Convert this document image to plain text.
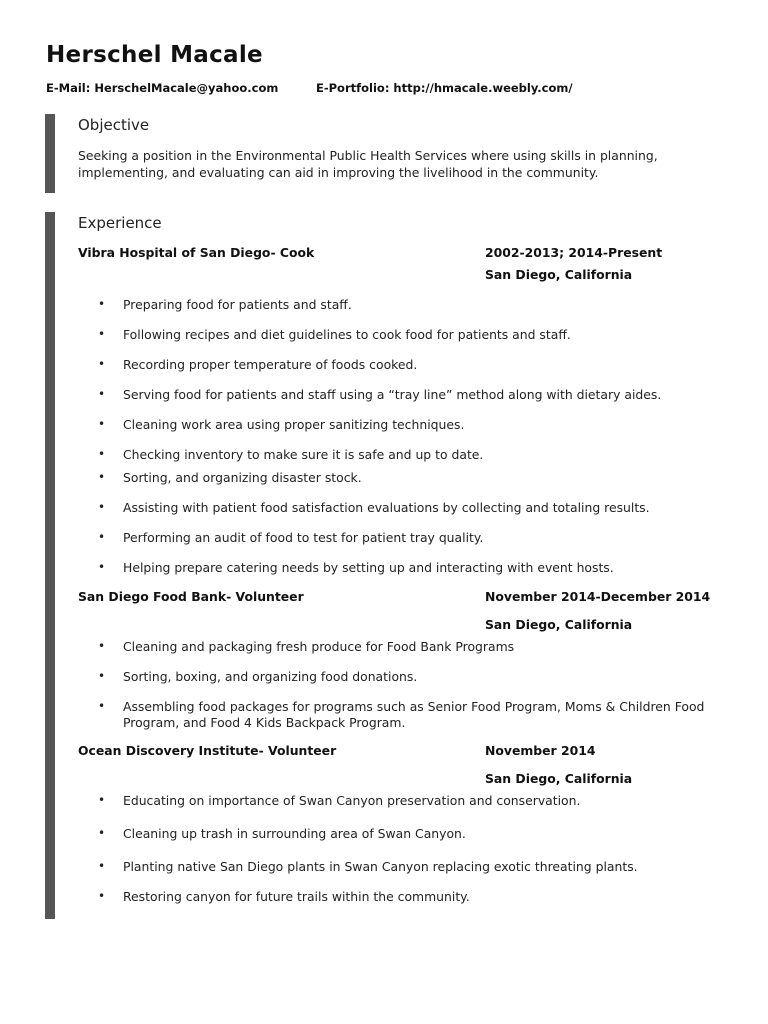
Herschel Macale
E-Mail: HerschelMacale@yahoo.com	E-Portfolio: http://hmacale.weebly.com/
Objective
Seeking a position in the Environmental Public Health Services where using skills in planning, implementing, and evaluating can aid in improving the livelihood in the community.
Experience
Vibra Hospital of San Diego- Cook	2002-2013; 2014-Present
San Diego, California
• Preparing food for patients and staff.
• Following recipes and diet guidelines to cook food for patients and staff.
• Recording proper temperature of foods cooked.
• Serving food for patients and staff using a “tray line” method along with dietary aides.
• Cleaning work area using proper sanitizing techniques.
• Checking inventory to make sure it is safe and up to date.
• Sorting, and organizing disaster stock.
• Assisting with patient food satisfaction evaluations by collecting and totaling results.
• Performing an audit of food to test for patient tray quality.
• Helping prepare catering needs by setting up and interacting with event hosts.
San Diego Food Bank- Volunteer	November 2014-December 2014
San Diego, California
• Cleaning and packaging fresh produce for Food Bank Programs
• Sorting, boxing, and organizing food donations.
• Assembling food packages for programs such as Senior Food Program, Moms & Children Food Program, and Food 4 Kids Backpack Program.
Ocean Discovery Institute- Volunteer	November 2014
San Diego, California
• Educating on importance of Swan Canyon preservation and conservation.
• Cleaning up trash in surrounding area of Swan Canyon.
• Planting native San Diego plants in Swan Canyon replacing exotic threating plants.
• Restoring canyon for future trails within the community.
